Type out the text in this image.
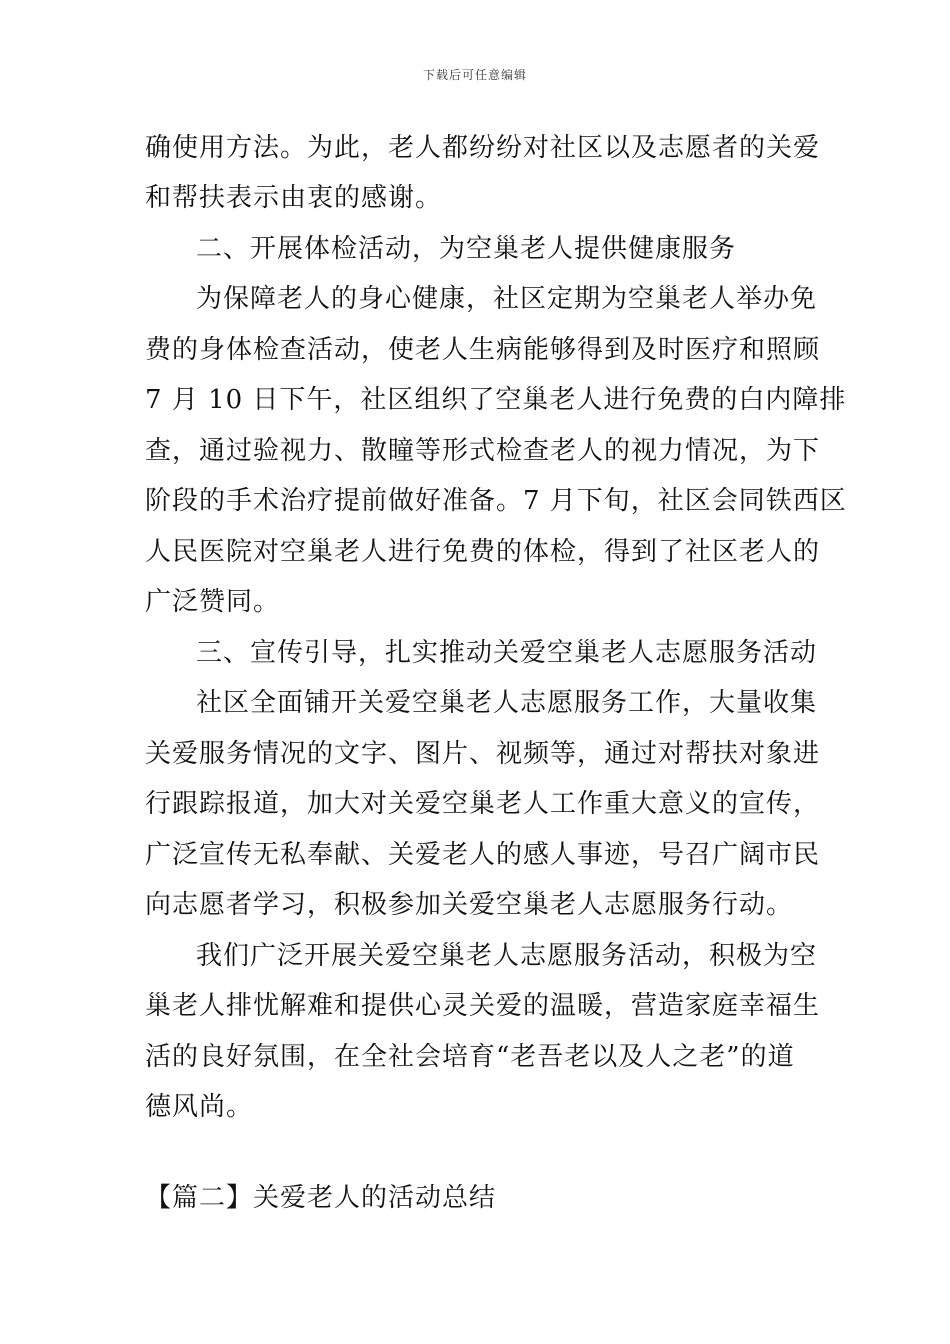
下载后可任意编辑
确使用方法。为此，老人都纷纷对社区以及志愿者的关爱
和帮扶表示由衷的感谢。
二、开展体检活动，为空巢老人提供健康服务
为保障老人的身心健康，社区定期为空巢老人举办免
费的身体检查活动，使老人生病能够得到及时医疗和照顾
7 月 10 日下午，社区组织了空巢老人进行免费的白内障排
查，通过验视力、散瞳等形式检查老人的视力情况，为下
阶段的手术治疗提前做好准备。7 月下旬，社区会同铁西区
人民医院对空巢老人进行免费的体检，得到了社区老人的
广泛赞同。
三、宣传引导，扎实推动关爱空巢老人志愿服务活动
社区全面铺开关爱空巢老人志愿服务工作，大量收集
关爱服务情况的文字、图片、视频等，通过对帮扶对象进
行跟踪报道，加大对关爱空巢老人工作重大意义的宣传，
广泛宣传无私奉献、关爱老人的感人事迹，号召广阔市民
向志愿者学习，积极参加关爱空巢老人志愿服务行动。
我们广泛开展关爱空巢老人志愿服务活动，积极为空
巢老人排忧解难和提供心灵关爱的温暖，营造家庭幸福生
活的良好氛围，在全社会培育“老吾老以及人之老”的道
德风尚。
【篇二】关爱老人的活动总结
